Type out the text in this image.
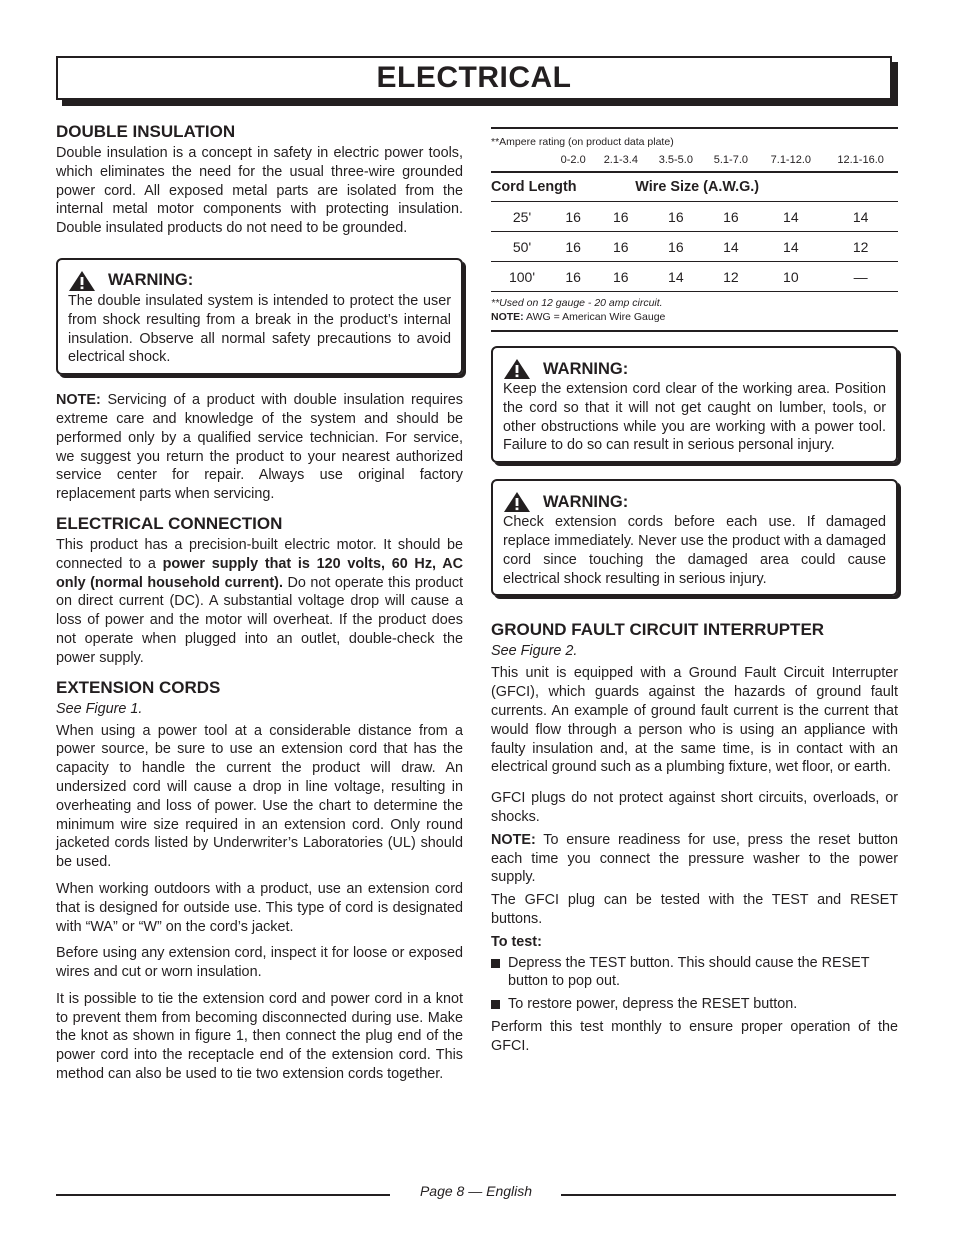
ELECTRICAL
DOUBLE INSULATION

Double insulation is a concept in safety in electric power tools, which eliminates the need for the usual three-wire grounded power cord. All exposed metal parts are isolated from the internal metal motor components with protecting insulation. Double insulated products do not need to be grounded.

WARNING:

The double insulated system is intended to protect the user from shock resulting from a break in the product’s internal insulation. Observe all normal safety precautions to avoid electrical shock.

NOTE: Servicing of a product with double insulation requires extreme care and knowledge of the system and should be performed only by a qualified service technician. For service, we suggest you return the product to your nearest authorized service center for repair. Always use original factory replacement parts when servicing.

ELECTRICAL CONNECTION

This product has a precision-built electric motor. It should be connected to a power supply that is 120 volts, 60 Hz, AC only (normal household current). Do not operate this product on direct current (DC). A substantial voltage drop will cause a loss of power and the motor will overheat. If the product does not operate when plugged into an outlet, double-check the power supply.

EXTENSION CORDS
See Figure 1.

When using a power tool at a considerable distance from a power source, be sure to use an extension cord that has the capacity to handle the current the product will draw. An undersized cord will cause a drop in line voltage, resulting in overheating and loss of power. Use the chart to determine the minimum wire size required in an extension cord. Only round jacketed cords listed by Underwriter’s Laboratories (UL) should be used.

When working outdoors with a product, use an extension cord that is designed for outside use. This type of cord is designated with “WA” or “W” on the cord’s jacket.

Before using any extension cord, inspect it for loose or exposed wires and cut or worn insulation.

It is possible to tie the extension cord and power cord in a knot to prevent them from becoming disconnected during use. Make the knot as shown in figure 1, then connect the plug end of the power cord into the receptacle end of the extension cord. This method can also be used to tie two extension cords together.

**Ampere rating (on product data plate)
	0-2.0	2.1-3.4	3.5-5.0	5.1-7.0	7.1-12.0	12.1-16.0
Cord Length		Wire Size (A.W.G.)				
25'	16	16	16	16	14	14
50'	16	16	16	14	14	12
100'	16	16	14	12	10	—
**Used on 12 gauge - 20 amp circuit.
NOTE: AWG = American Wire Gauge
WARNING:

Keep the extension cord clear of the working area. Position the cord so that it will not get caught on lumber, tools, or other obstructions while you are working with a power tool. Failure to do so can result in serious personal injury.

WARNING:

Check extension cords before each use. If damaged replace immediately. Never use the product with a damaged cord since touching the damaged area could cause electrical shock resulting in serious injury.

GROUND FAULT CIRCUIT INTERRUPTER
See Figure 2.

This unit is equipped with a Ground Fault Circuit Interrupter (GFCI), which guards against the hazards of ground fault currents. An example of ground fault current is the current that would flow through a person who is using an appliance with faulty insulation and, at the same time, is in contact with an electrical ground such as a plumbing fixture, wet floor, or earth.

GFCI plugs do not protect against short circuits, overloads, or shocks.

NOTE: To ensure readiness for use, press the reset button each time you connect the pressure washer to the power supply.

The GFCI plug can be tested with the TEST and RESET buttons.

To test:

Depress the TEST button. This should cause the RESET button to pop out.
To restore power, depress the RESET button.

Perform this test monthly to ensure proper operation of the GFCI.

Page 8 — English
